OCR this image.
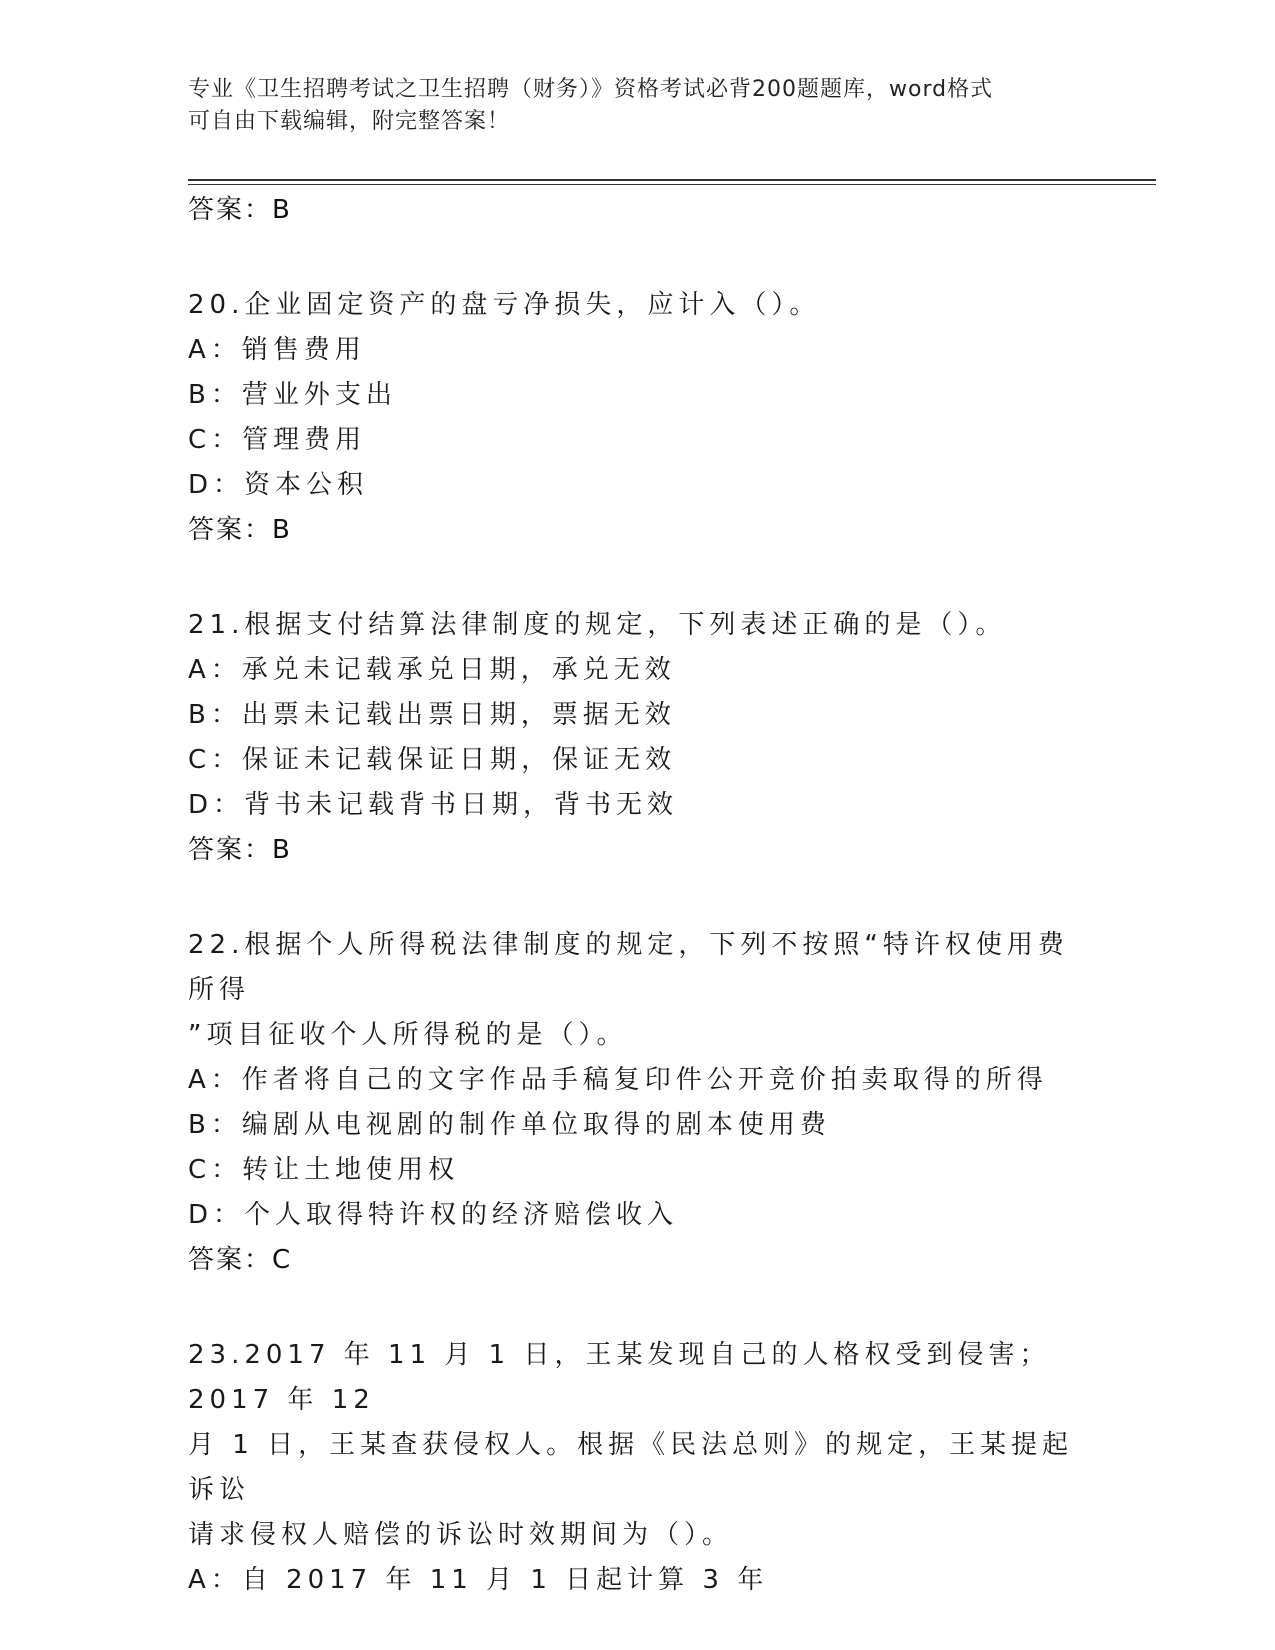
专业《卫生招聘考试之卫生招聘（财务）》资格考试必背200题题库，word格式
可自由下载编辑，附完整答案！
答案：B
20.企业固定资产的盘亏净损失，应计入（）。
A：销售费用
B：营业外支出
C：管理费用
D：资本公积
答案：B
21.根据支付结算法律制度的规定，下列表述正确的是（）。
A：承兑未记载承兑日期，承兑无效
B：出票未记载出票日期，票据无效
C：保证未记载保证日期，保证无效
D：背书未记载背书日期，背书无效
答案：B
22.根据个人所得税法律制度的规定，下列不按照“特许权使用费所得
”项目征收个人所得税的是（）。
A：作者将自己的文字作品手稿复印件公开竞价拍卖取得的所得
B：编剧从电视剧的制作单位取得的剧本使用费
C：转让土地使用权
D：个人取得特许权的经济赔偿收入
答案：C
23.2017 年 11 月 1 日，王某发现自己的人格权受到侵害；2017 年 12
月 1 日，王某查获侵权人。根据《民法总则》的规定，王某提起诉讼
请求侵权人赔偿的诉讼时效期间为（）。
A：自 2017 年 11 月 1 日起计算 3 年
